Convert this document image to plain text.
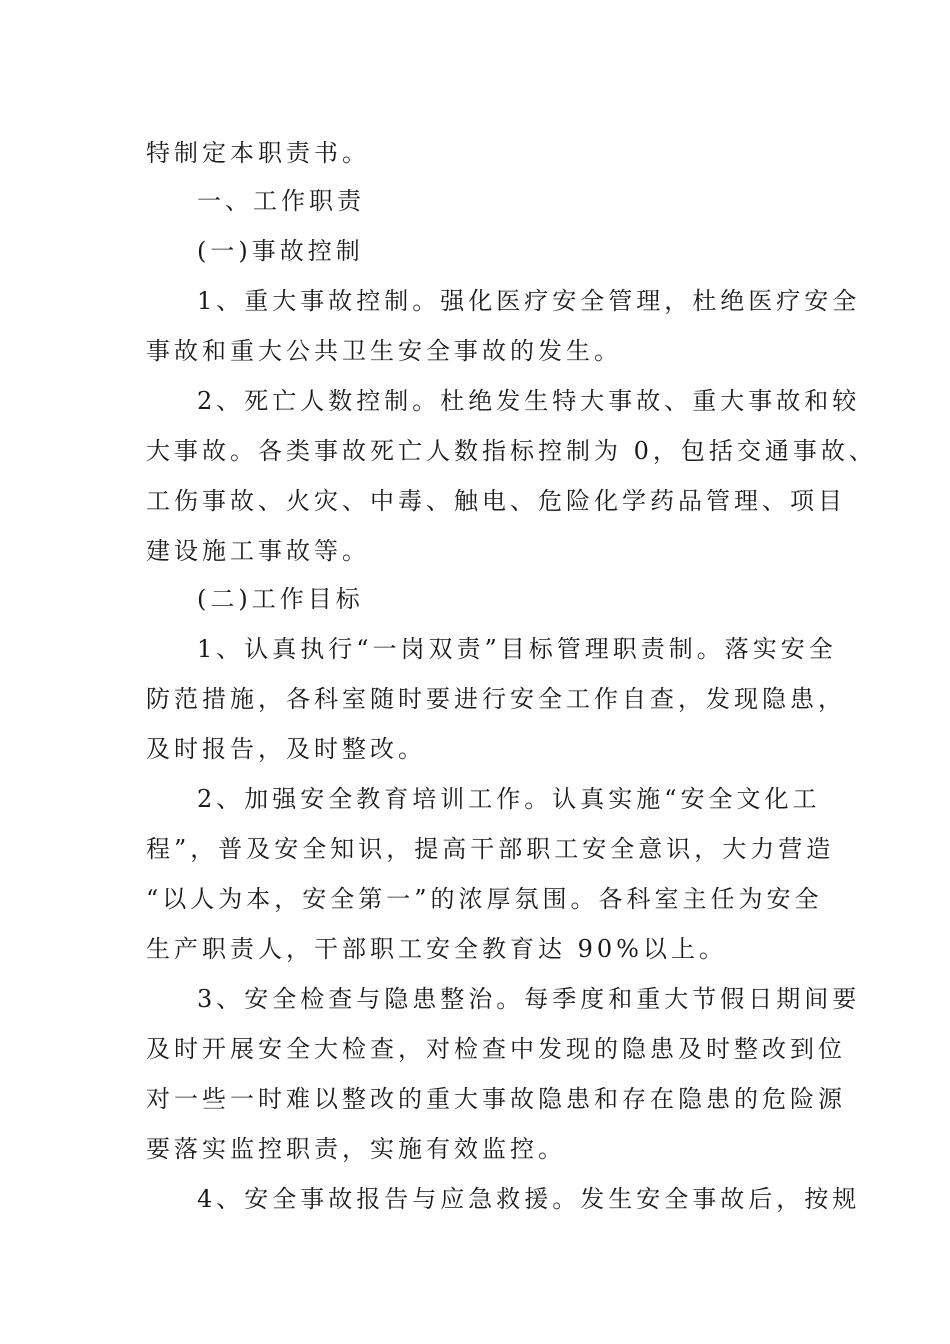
特制定本职责书。
一、工作职责
(一)事故控制
1、重大事故控制。强化医疗安全管理，杜绝医疗安全
事故和重大公共卫生安全事故的发生。
2、死亡人数控制。杜绝发生特大事故、重大事故和较
大事故。各类事故死亡人数指标控制为 0，包括交通事故、
工伤事故、火灾、中毒、触电、危险化学药品管理、项目
建设施工事故等。
(二)工作目标
1、认真执行“一岗双责”目标管理职责制。落实安全
防范措施，各科室随时要进行安全工作自查，发现隐患，
及时报告，及时整改。
2、加强安全教育培训工作。认真实施“安全文化工
程”，普及安全知识，提高干部职工安全意识，大力营造
“以人为本，安全第一”的浓厚氛围。各科室主任为安全
生产职责人，干部职工安全教育达 90%以上。
3、安全检查与隐患整治。每季度和重大节假日期间要
及时开展安全大检查，对检查中发现的隐患及时整改到位
对一些一时难以整改的重大事故隐患和存在隐患的危险源
要落实监控职责，实施有效监控。
4、安全事故报告与应急救援。发生安全事故后，按规
